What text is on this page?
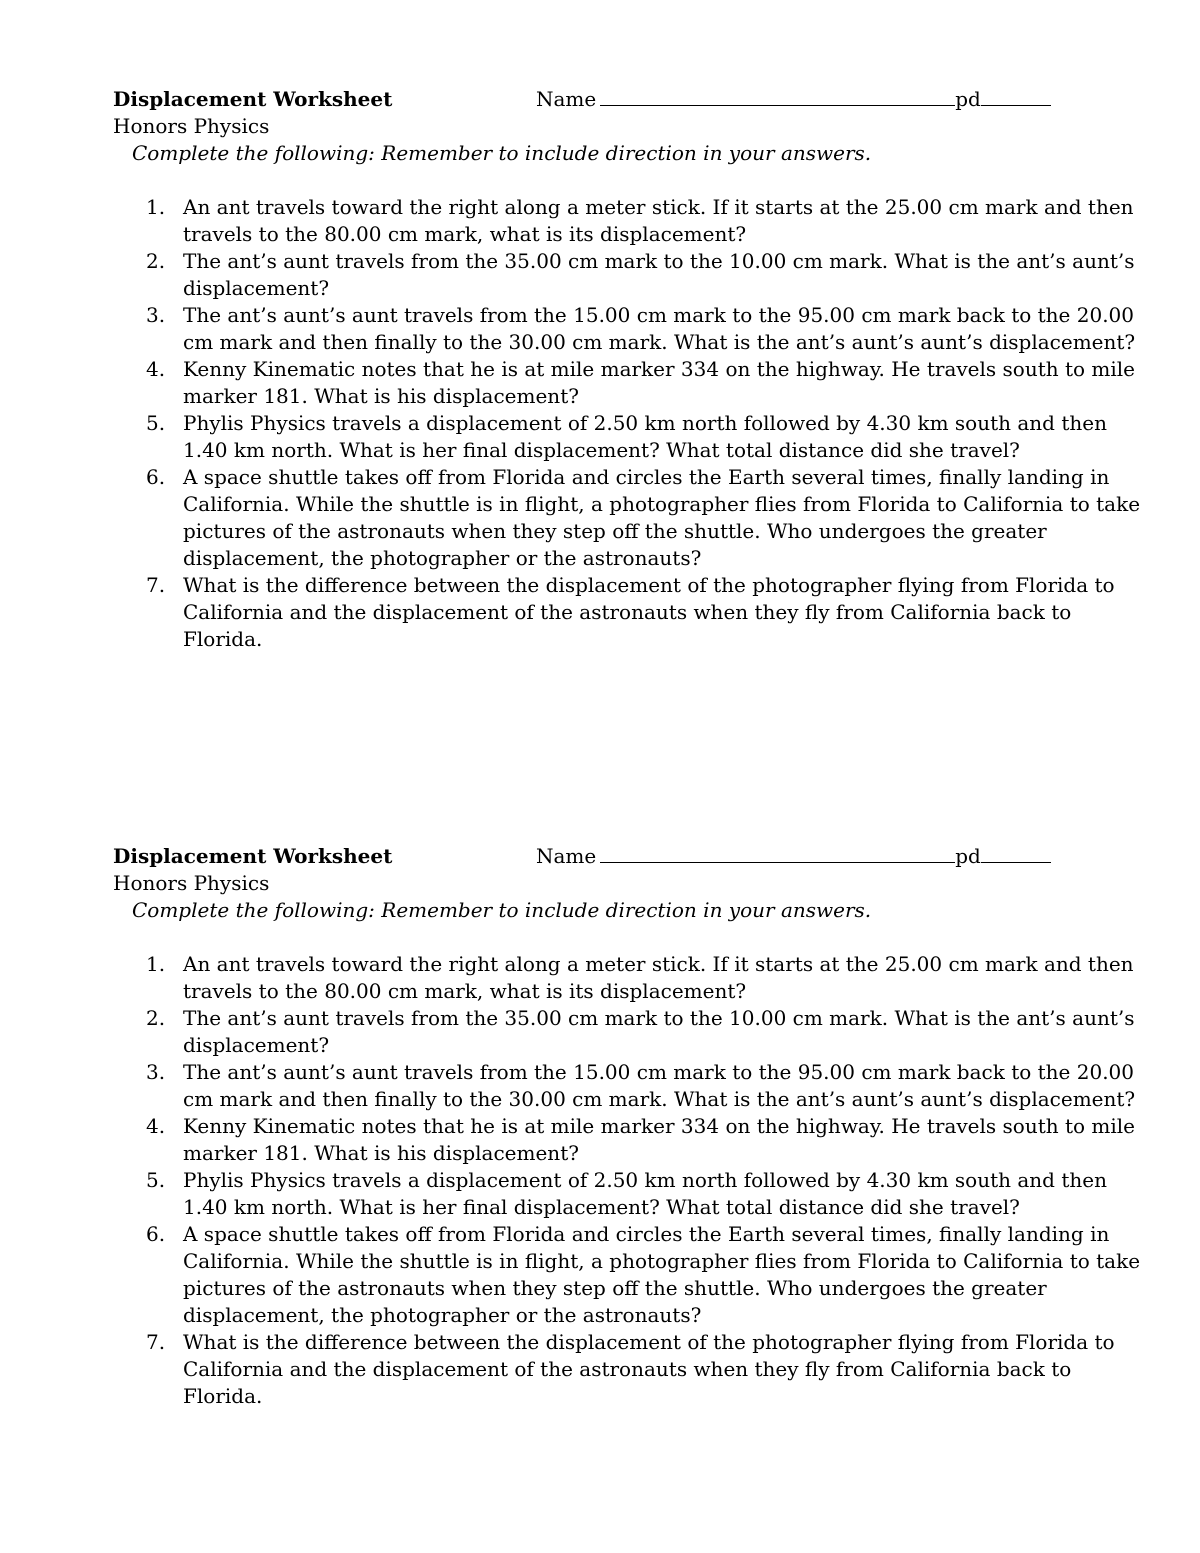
Displacement Worksheet	Name	pd
Honors Physics
Complete the following: Remember to include direction in your answers.
1. An ant travels toward the right along a meter stick. If it starts at the 25.00 cm mark and then travels to the 80.00 cm mark, what is its displacement?
2. The ant’s aunt travels from the 35.00 cm mark to the 10.00 cm mark. What is the ant’s aunt’s displacement?
3. The ant’s aunt’s aunt travels from the 15.00 cm mark to the 95.00 cm mark back to the 20.00 cm mark and then finally to the 30.00 cm mark. What is the ant’s aunt’s aunt’s displacement?
4. Kenny Kinematic notes that he is at mile marker 334 on the highway. He travels south to mile marker 181. What is his displacement?
5. Phylis Physics travels a displacement of 2.50 km north followed by 4.30 km south and then 1.40 km north. What is her final displacement? What total distance did she travel?
6. A space shuttle takes off from Florida and circles the Earth several times, finally landing in California. While the shuttle is in flight, a photographer flies from Florida to California to take pictures of the astronauts when they step off the shuttle. Who undergoes the greater displacement, the photographer or the astronauts?
7. What is the difference between the displacement of the photographer flying from Florida to California and the displacement of the astronauts when they fly from California back to Florida.
Displacement Worksheet	Name	pd
Honors Physics
Complete the following: Remember to include direction in your answers.
1. An ant travels toward the right along a meter stick. If it starts at the 25.00 cm mark and then travels to the 80.00 cm mark, what is its displacement?
2. The ant’s aunt travels from the 35.00 cm mark to the 10.00 cm mark. What is the ant’s aunt’s displacement?
3. The ant’s aunt’s aunt travels from the 15.00 cm mark to the 95.00 cm mark back to the 20.00 cm mark and then finally to the 30.00 cm mark. What is the ant’s aunt’s aunt’s displacement?
4. Kenny Kinematic notes that he is at mile marker 334 on the highway. He travels south to mile marker 181. What is his displacement?
5. Phylis Physics travels a displacement of 2.50 km north followed by 4.30 km south and then 1.40 km north. What is her final displacement? What total distance did she travel?
6. A space shuttle takes off from Florida and circles the Earth several times, finally landing in California. While the shuttle is in flight, a photographer flies from Florida to California to take pictures of the astronauts when they step off the shuttle. Who undergoes the greater displacement, the photographer or the astronauts?
7. What is the difference between the displacement of the photographer flying from Florida to California and the displacement of the astronauts when they fly from California back to Florida.
